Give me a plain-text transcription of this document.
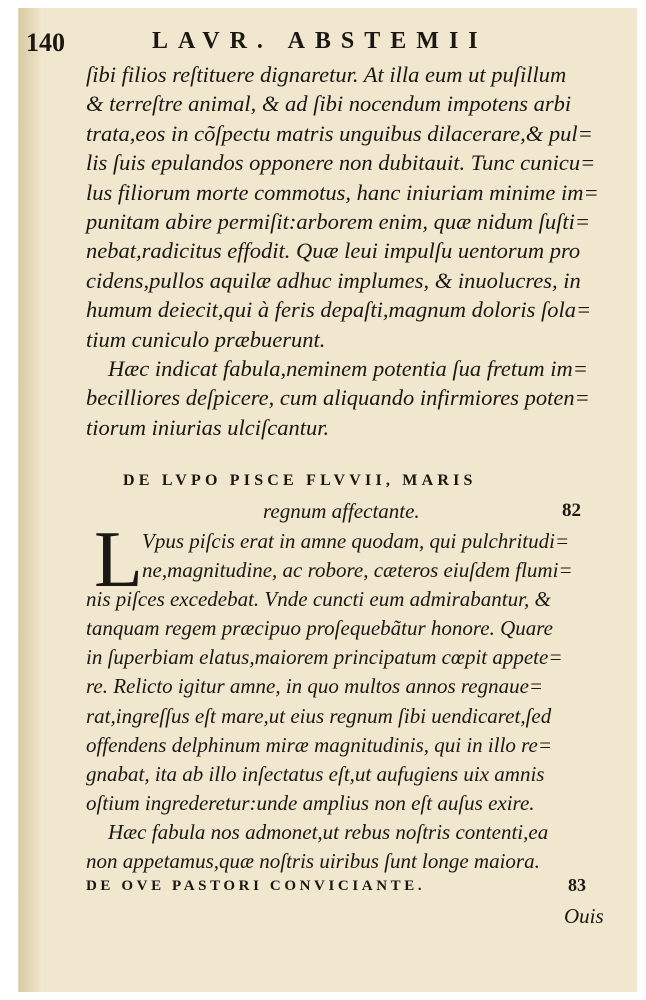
140	LAVR. ABSTEMII
ſibi filios reſtituere dignaretur. At illa eum ut puſillum
& terreſtre animal, & ad ſibi nocendum impotens arbi
trata,eos in cõſpectu matris unguibus dilacerare,& pul=
lis ſuis epulandos opponere non dubitauit. Tunc cunicu=
lus filiorum morte commotus, hanc iniuriam minime im=
punitam abire permiſit:arborem enim, quæ nidum ſuſti=
nebat,radicitus effodit. Quæ leui impulſu uentorum pro
cidens,pullos aquilæ adhuc implumes, & inuolucres, in
humum deiecit,qui à feris depaſti,magnum doloris ſola=
tium cuniculo præbuerunt.
Hæc indicat fabula,neminem potentia ſua fretum im=
becilliores deſpicere, cum aliquando infirmiores poten=
tiorum iniurias ulciſcantur.
DE LVPO PISCE FLVVII, MARIS
regnum affectante.	82
L Vpus piſcis erat in amne quodam, qui pulchritudi=
ne,magnitudine, ac robore, cæteros eiuſdem flumi=
nis piſces excedebat. Vnde cuncti eum admirabantur, &
tanquam regem præcipuo proſequebãtur honore. Quare
in ſuperbiam elatus,maiorem principatum cœpit appete=
re. Relicto igitur amne, in quo multos annos regnaue=
rat,ingreſſus eſt mare,ut eius regnum ſibi uendicaret,ſed
offendens delphinum miræ magnitudinis, qui in illo re=
gnabat, ita ab illo inſectatus eſt,ut aufugiens uix amnis
oſtium ingrederetur:unde amplius non eſt auſus exire.
Hæc fabula nos admonet,ut rebus noſtris contenti,ea
non appetamus,quæ noſtris uiribus ſunt longe maiora.
DE OVE PASTORI CONVICIANTE.	83
Ouis
